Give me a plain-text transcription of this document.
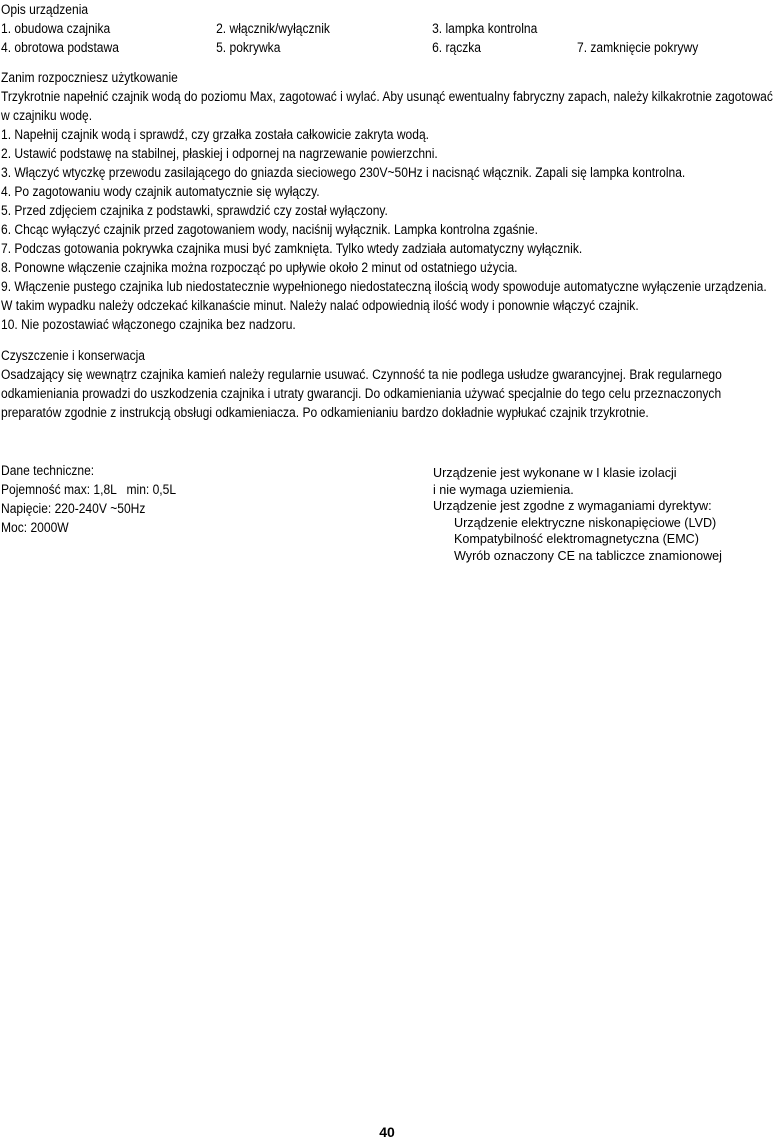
Opis urządzenia
1. obudowa czajnika	2. włącznik/wyłącznik	3. lampka kontrolna
4. obrotowa podstawa	5. pokrywka	6. rączka	7. zamknięcie pokrywy
Zanim rozpoczniesz użytkowanie
Trzykrotnie napełnić czajnik wodą do poziomu Max, zagotować i wylać. Aby usunąć ewentualny fabryczny zapach, należy kilkakrotnie zagotować w czajniku wodę.
1. Napełnij czajnik wodą i sprawdź, czy grzałka została całkowicie zakryta wodą.
2. Ustawić podstawę na stabilnej, płaskiej i odpornej na nagrzewanie powierzchni.
3. Włączyć wtyczkę przewodu zasilającego do gniazda sieciowego 230V~50Hz i nacisnąć włącznik. Zapali się lampka kontrolna.
4. Po zagotowaniu wody czajnik automatycznie się wyłączy.
5. Przed zdjęciem czajnika z podstawki, sprawdzić czy został wyłączony.
6. Chcąc wyłączyć czajnik przed zagotowaniem wody, naciśnij wyłącznik. Lampka kontrolna zgaśnie.
7. Podczas gotowania pokrywka czajnika musi być zamknięta. Tylko wtedy zadziała automatyczny wyłącznik.
8. Ponowne włączenie czajnika można rozpocząć po upływie około 2 minut od ostatniego użycia.
9. Włączenie pustego czajnika lub niedostatecznie wypełnionego niedostateczną ilością wody spowoduje automatyczne wyłączenie urządzenia. W takim wypadku należy odczekać kilkanaście minut. Należy nalać odpowiednią ilość wody i ponownie włączyć czajnik.
10. Nie pozostawiać włączonego czajnika bez nadzoru.
Czyszczenie i konserwacja
Osadzający się wewnątrz czajnika kamień należy regularnie usuwać. Czynność ta nie podlega usłudze gwarancyjnej. Brak regularnego odkamieniania prowadzi do uszkodzenia czajnika i utraty gwarancji. Do odkamieniania używać specjalnie do tego celu przeznaczonych preparatów zgodnie z instrukcją obsługi odkamieniacza. Po odkamienianiu bardzo dokładnie wypłukać czajnik trzykrotnie.
Dane techniczne:
Pojemność max: 1,8L   min: 0,5L
Napięcie: 220-240V ~50Hz
Moc: 2000W
Urządzenie jest wykonane w I klasie izolacji
i nie wymaga uziemienia.
Urządzenie jest zgodne z wymaganiami dyrektyw:
Urządzenie elektryczne niskonapięciowe (LVD)
Kompatybilność elektromagnetyczna (EMC)
Wyrób oznaczony CE na tabliczce znamionowej
40
